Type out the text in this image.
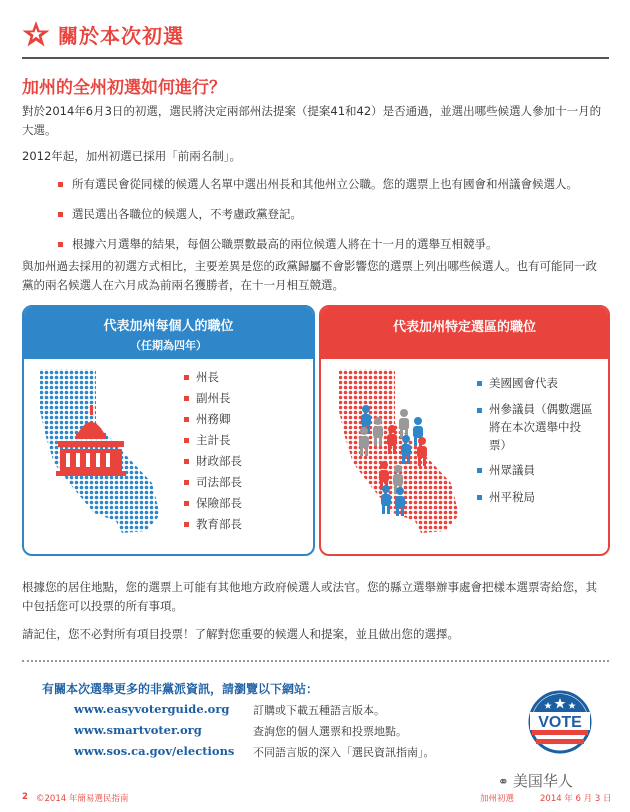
關於本次初選
加州的全州初選如何進行？
對於2014年6月3日的初選，選民將決定兩部州法提案（提案41和42）是否通過，並選出哪些候選人參加十一月的大選。
2012年起，加州初選已採用「前兩名制」。
所有選民會從同樣的候選人名單中選出州長和其他州立公職。您的選票上也有國會和州議會候選人。
選民選出各職位的候選人，不考慮政黨登記。
根據六月選舉的結果，每個公職票數最高的兩位候選人將在十一月的選舉互相競爭。
與加州過去採用的初選方式相比，主要差異是您的政黨歸屬不會影響您的選票上列出哪些候選人。也有可能同一政黨的兩名候選人在六月成為前兩名獲勝者，在十一月相互競選。
代表加州每個人的職位
（任期為四年）
州長
副州長
州務卿
主計長
財政部長
司法部長
保險部長
教育部長
代表加州特定選區的職位
美國國會代表
州參議員（偶數選區將在本次選舉中投票）
州眾議員
州平稅局
根據您的居住地點，您的選票上可能有其他地方政府候選人或法官。您的縣立選舉辦事處會把樣本選票寄給您，其中包括您可以投票的所有事項。
請記住，您不必對所有項目投票！了解對您重要的候選人和提案，並且做出您的選擇。
有關本次選舉更多的非黨派資訊，請瀏覽以下網站：
www.easyvoterguide.org 訂購或下載五種語言版本。
www.smartvoter.org	查詢您的個人選票和投票地點。
www.sos.ca.gov/elections 不同語言版的深入「選民資訊指南」。
VOTE
2 ©2014 年簡易選民指南	加州初選	2014 年 6 月 3 日
⚭ 美国华人
